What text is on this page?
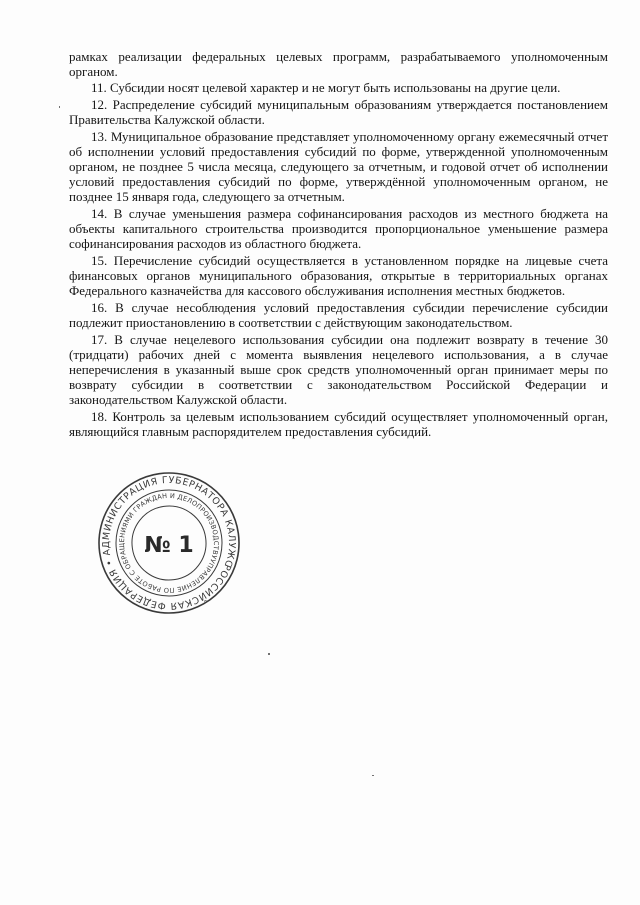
рамках реализации федеральных целевых программ, разрабатываемого уполномоченным органом.

11. Субсидии носят целевой характер и не могут быть использованы на другие цели.

12. Распределение субсидий муниципальным образованиям утверждается постановлением Правительства Калужской области.

13. Муниципальное образование представляет уполномоченному органу ежемесячный отчет об исполнении условий предоставления субсидий по форме, утвержденной уполномоченным органом, не позднее 5 числа месяца, следующего за отчетным, и годовой отчет об исполнении условий предоставления субсидий по форме, утверждённой уполномоченным органом, не позднее 15 января года, следующего за отчетным.

14. В случае уменьшения размера софинансирования расходов из местного бюджета на объекты капитального строительства производится пропорциональное уменьшение размера софинансирования расходов из областного бюджета.

15. Перечисление субсидий осуществляется в установленном порядке на лицевые счета финансовых органов муниципального образования, открытые в территориальных органах Федерального казначейства для кассового обслуживания исполнения местных бюджетов.

16. В случае несоблюдения условий предоставления субсидии перечисление субсидии подлежит приостановлению в соответствии с действующим законодательством.

17. В случае нецелевого использования субсидии она подлежит возврату в течение 30 (тридцати) рабочих дней с момента выявления нецелевого использования, а в случае неперечисления в указанный выше срок средств уполномоченный орган принимает меры по возврату субсидии в соответствии с законодательством Российской Федерации и законодательством Калужской области.

18. Контроль за целевым использованием субсидий осуществляет уполномоченный орган, являющийся главным распорядителем предоставления субсидий.

РОССИЙСКАЯ ФЕДЕРАЦИЯ • АДМИНИСТРАЦИЯ ГУБЕРНАТОРА КАЛУЖСКОЙ
УПРАВЛЕНИЕ ПО РАБОТЕ С ОБРАЩЕНИЯМИ ГРАЖДАН И ДЕЛОПРОИЗВОДСТВУ
№ 1
